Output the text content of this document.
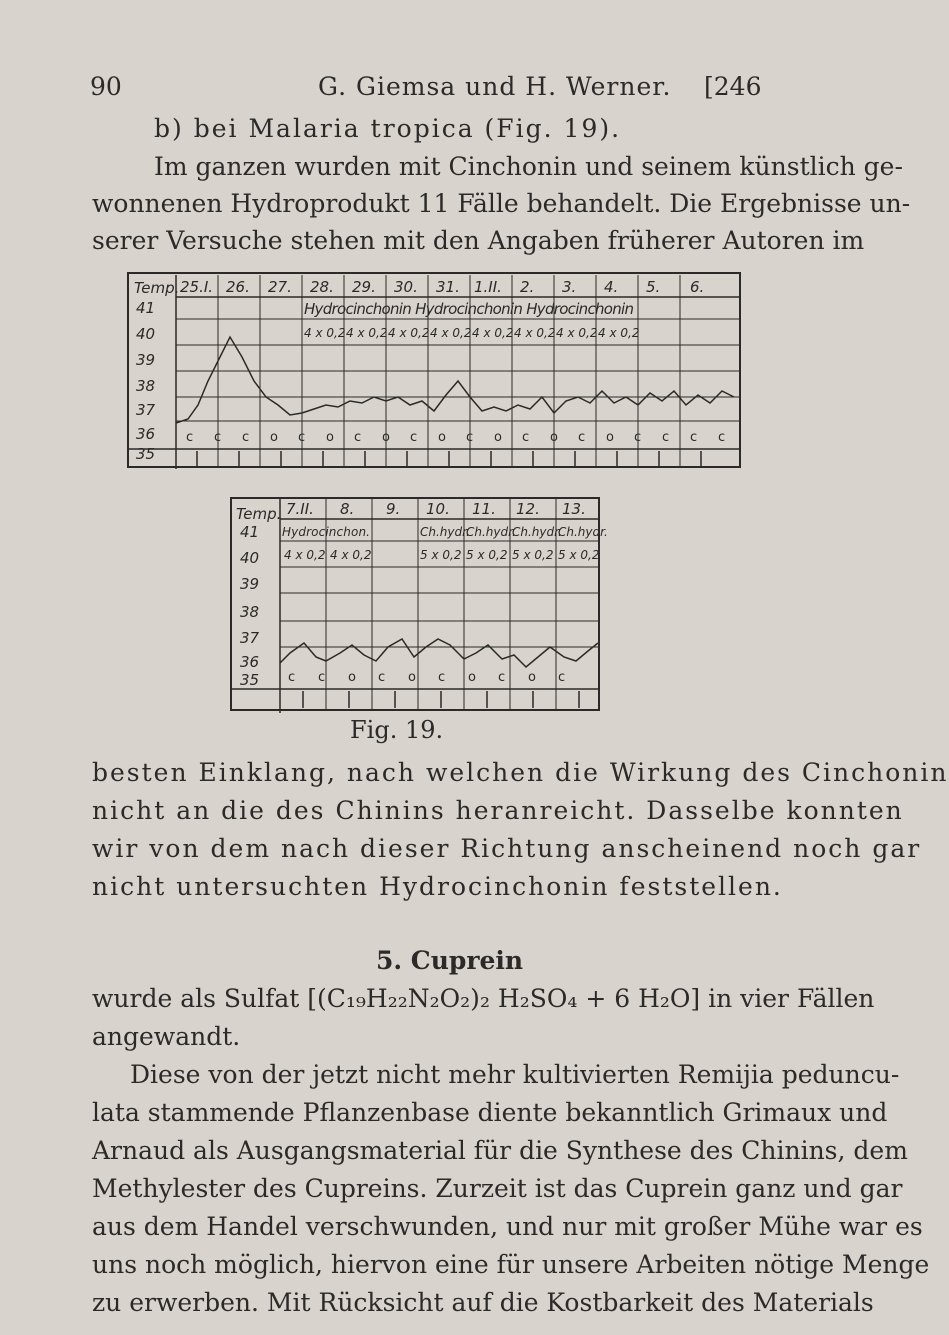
90	G. Giemsa und H. Werner. [246
b) bei Malaria tropica (Fig. 19).
Im ganzen wurden mit Cinchonin und seinem künstlich ge-
wonnenen Hydroprodukt 11 Fälle behandelt. Die Ergebnisse un-
serer Versuche stehen mit den Angaben früherer Autoren im
Temp.
41
40
39
38
37
36
35
25.I. 26. 27. 28. 29. 30. 31. 1.II. 2. 3. 4. 5. 6.
Hydrocinchonin Hydrocinchonin Hydrocinchonin
4 x 0,2 4 x 0,2 4 x 0,2 4 x 0,2 4 x 0,2 4 x 0,2 4 x 0,2 4 x 0,2
c c c o c o c o c o c o c o c o c c c c
Temp.
41
40
39
38
37
36
35
7.II. 8. 9. 10. 11. 12. 13.
Hydrocinchon.	Ch.hydr.
Ch.hydr.
Ch.hydr.
Ch.hydr.
4 x 0,2 4 x 0,2	5 x 0,2 5 x 0,2 5 x 0,2 5 x 0,2
c c o c o c o c o c
Fig. 19.
besten Einklang, nach welchen die Wirkung des Cinchonin
nicht an die des Chinins heranreicht. Dasselbe konnten
wir von dem nach dieser Richtung anscheinend noch gar
nicht untersuchten Hydrocinchonin feststellen.
5. Cuprein
wurde als Sulfat [(C₁₉H₂₂N₂O₂)₂ H₂SO₄ + 6 H₂O] in vier Fällen
angewandt.
Diese von der jetzt nicht mehr kultivierten Remijia peduncu-
lata stammende Pflanzenbase diente bekanntlich Grimaux und
Arnaud als Ausgangsmaterial für die Synthese des Chinins, dem
Methylester des Cupreins. Zurzeit ist das Cuprein ganz und gar
aus dem Handel verschwunden, und nur mit großer Mühe war es
uns noch möglich, hiervon eine für unsere Arbeiten nötige Menge
zu erwerben. Mit Rücksicht auf die Kostbarkeit des Materials
